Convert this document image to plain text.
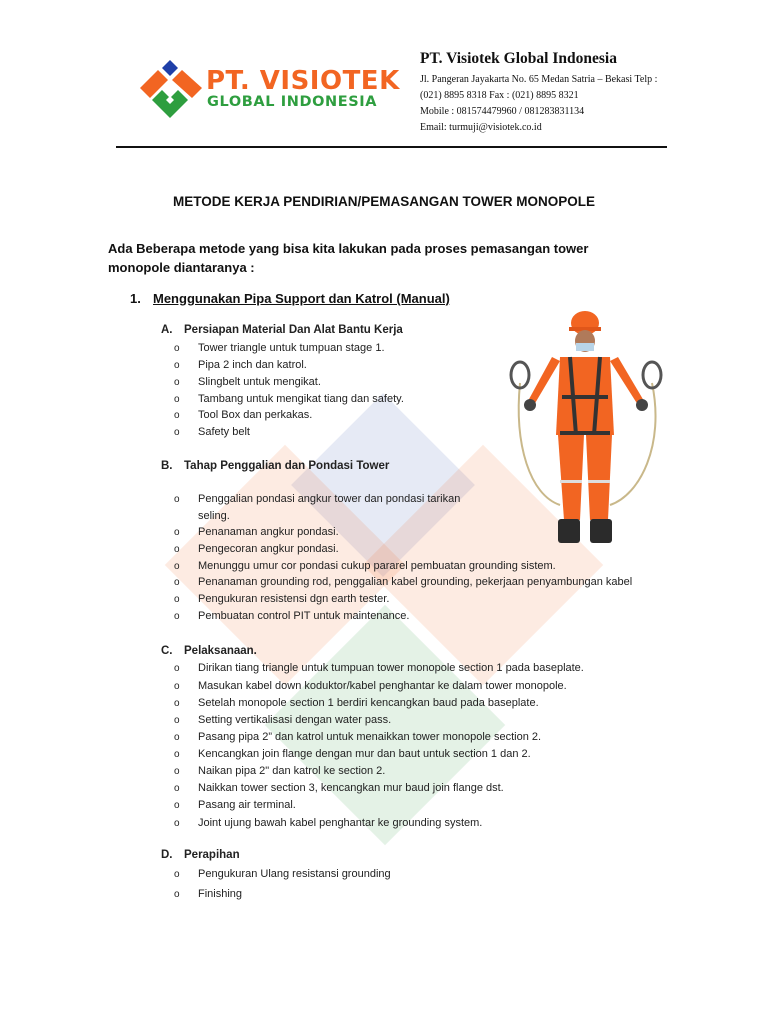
PT. VISIOTEK
GLOBAL INDONESIA
PT. Visiotek Global Indonesia
Jl. Pangeran Jayakarta No. 65 Medan Satria – Bekasi Telp :
(021) 8895 8318 Fax : (021) 8895 8321
Mobile : 081574479960 / 081283831134
Email: turmuji@visiotek.co.id
METODE KERJA PENDIRIAN/PEMASANGAN TOWER MONOPOLE
Ada Beberapa metode yang bisa kita lakukan pada proses pemasangan tower monopole diantaranya :
1. Menggunakan Pipa Support dan Katrol (Manual)
A. Persiapan Material Dan Alat Bantu Kerja
o Tower triangle untuk tumpuan stage 1.
o Pipa 2 inch dan katrol.
o Slingbelt untuk mengikat.
o Tambang untuk mengikat tiang dan safety.
o Tool Box dan perkakas.
o Safety belt
B. Tahap Penggalian dan Pondasi Tower
o Penggalian pondasi angkur tower dan pondasi tarikan
seling.
o Penanaman angkur pondasi.
o Pengecoran angkur pondasi.
o Menunggu umur cor pondasi cukup pararel pembuatan grounding sistem.
o Penanaman grounding rod, penggalian kabel grounding, pekerjaan penyambungan kabel
o Pengukuran resistensi dgn earth tester.
o Pembuatan control PIT untuk maintenance.
C. Pelaksanaan.
o Dirikan tiang triangle untuk tumpuan tower monopole section 1 pada baseplate.
o Masukan kabel down koduktor/kabel penghantar ke dalam tower monopole.
o Setelah monopole section 1 berdiri kencangkan baud pada baseplate.
o Setting vertikalisasi dengan water pass.
o Pasang pipa 2” dan katrol untuk menaikkan tower monopole section 2.
o Kencangkan join flange dengan mur dan baut untuk section 1 dan 2.
o Naikan pipa 2" dan katrol ke section 2.
o Naikkan tower section 3, kencangkan mur baud join flange dst.
o Pasang air terminal.
o Joint ujung bawah kabel penghantar ke grounding system.
D. Perapihan
o Pengukuran Ulang resistansi grounding
o Finishing
